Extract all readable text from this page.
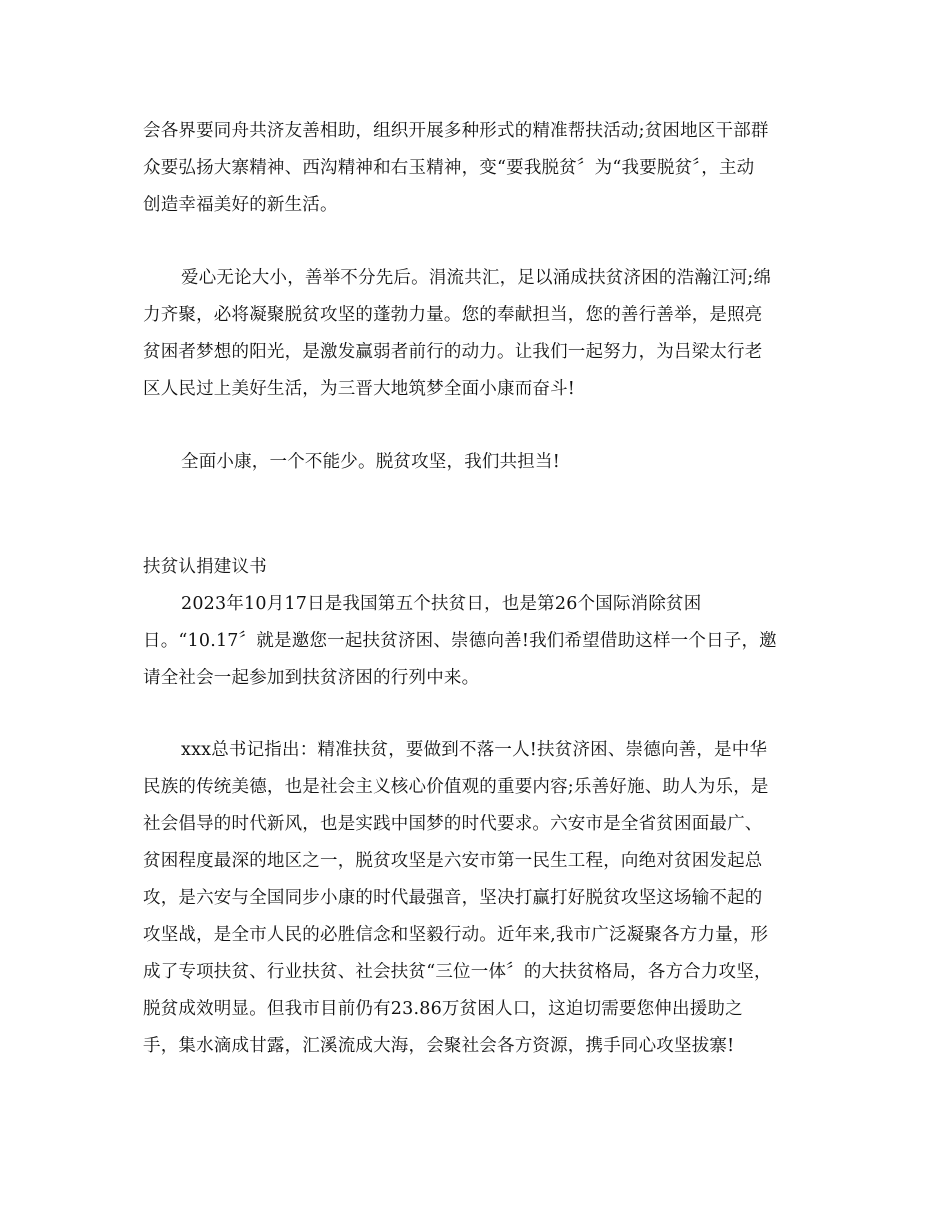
会各界要同舟共济友善相助，组织开展多种形式的精准帮扶活动;贫困地区干部群
众要弘扬大寨精神、西沟精神和右玉精神，变“要我脱贫〞为“我要脱贫〞，主动
创造幸福美好的新生活。
爱心无论大小，善举不分先后。涓流共汇，足以涌成扶贫济困的浩瀚江河;绵
力齐聚，必将凝聚脱贫攻坚的蓬勃力量。您的奉献担当，您的善行善举，是照亮
贫困者梦想的阳光，是激发赢弱者前行的动力。让我们一起努力，为吕梁太行老
区人民过上美好生活，为三晋大地筑梦全面小康而奋斗!
全面小康，一个不能少。脱贫攻坚，我们共担当!
扶贫认捐建议书
2023年10月17日是我国第五个扶贫日，也是第26个国际消除贫困
日。“10.17〞就是邀您一起扶贫济困、崇德向善!我们希望借助这样一个日子，邀
请全社会一起参加到扶贫济困的行列中来。
xxx总书记指出：精准扶贫，要做到不落一人!扶贫济困、崇德向善，是中华
民族的传统美德，也是社会主义核心价值观的重要内容;乐善好施、助人为乐，是
社会倡导的时代新风，也是实践中国梦的时代要求。六安市是全省贫困面最广、
贫困程度最深的地区之一，脱贫攻坚是六安市第一民生工程，向绝对贫困发起总
攻，是六安与全国同步小康的时代最强音，坚决打赢打好脱贫攻坚这场输不起的
攻坚战，是全市人民的必胜信念和坚毅行动。近年来,我市广泛凝聚各方力量，形
成了专项扶贫、行业扶贫、社会扶贫“三位一体〞的大扶贫格局，各方合力攻坚，
脱贫成效明显。但我市目前仍有23.86万贫困人口，这迫切需要您伸出援助之
手，集水滴成甘露，汇溪流成大海，会聚社会各方资源，携手同心攻坚拔寨!
